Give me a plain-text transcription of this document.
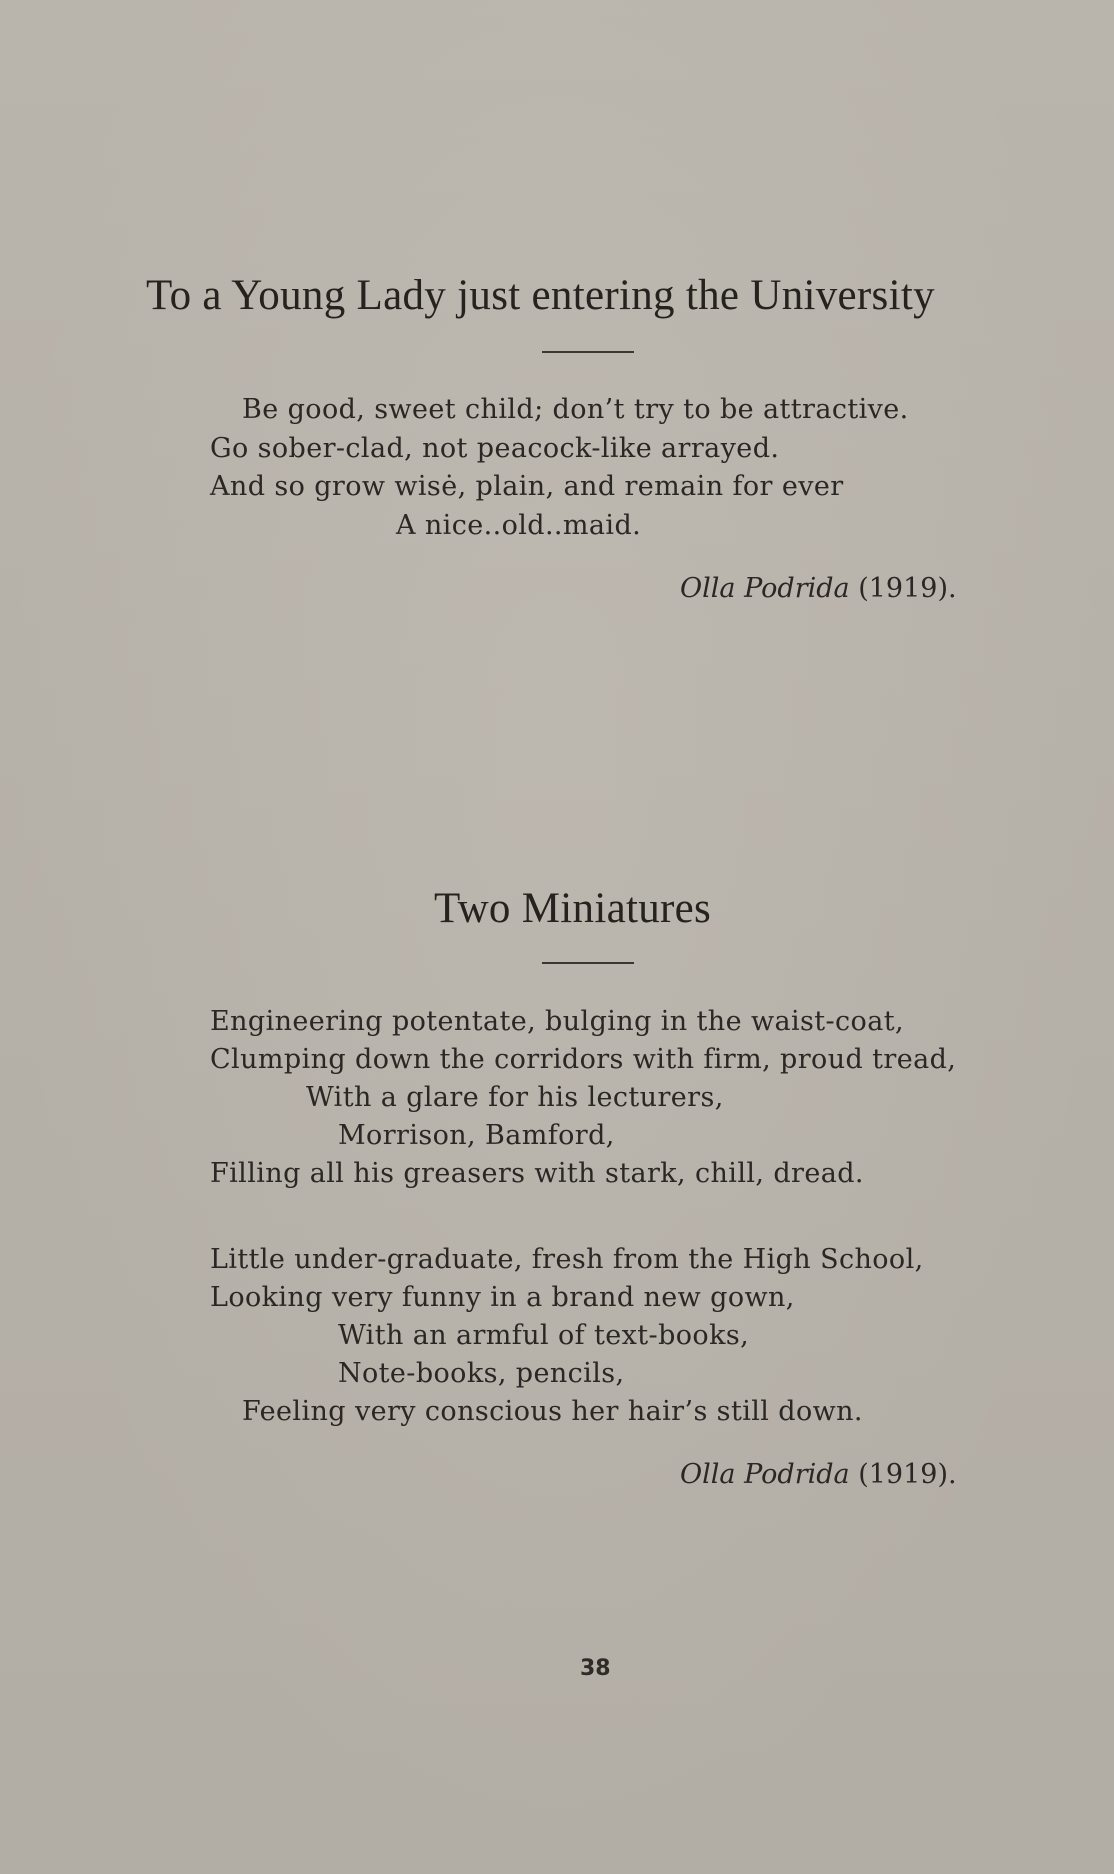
To a Young Lady just entering the University
Be good, sweet child; don’t try to be attractive.
Go sober-clad, not peacock-like arrayed.
And so grow wisė, plain, and remain for ever
A nice..old..maid.
Olla Podrida (1919).
Two Miniatures
Engineering potentate, bulging in the waist-coat,
Clumping down the corridors with firm, proud tread,
With a glare for his lecturers,
Morrison, Bamford,
Filling all his greasers with stark, chill, dread.
Little under-graduate, fresh from the High School,
Looking very funny in a brand new gown,
With an armful of text-books,
Note-books, pencils,
Feeling very conscious her hair’s still down.
Olla Podrida (1919).
38
